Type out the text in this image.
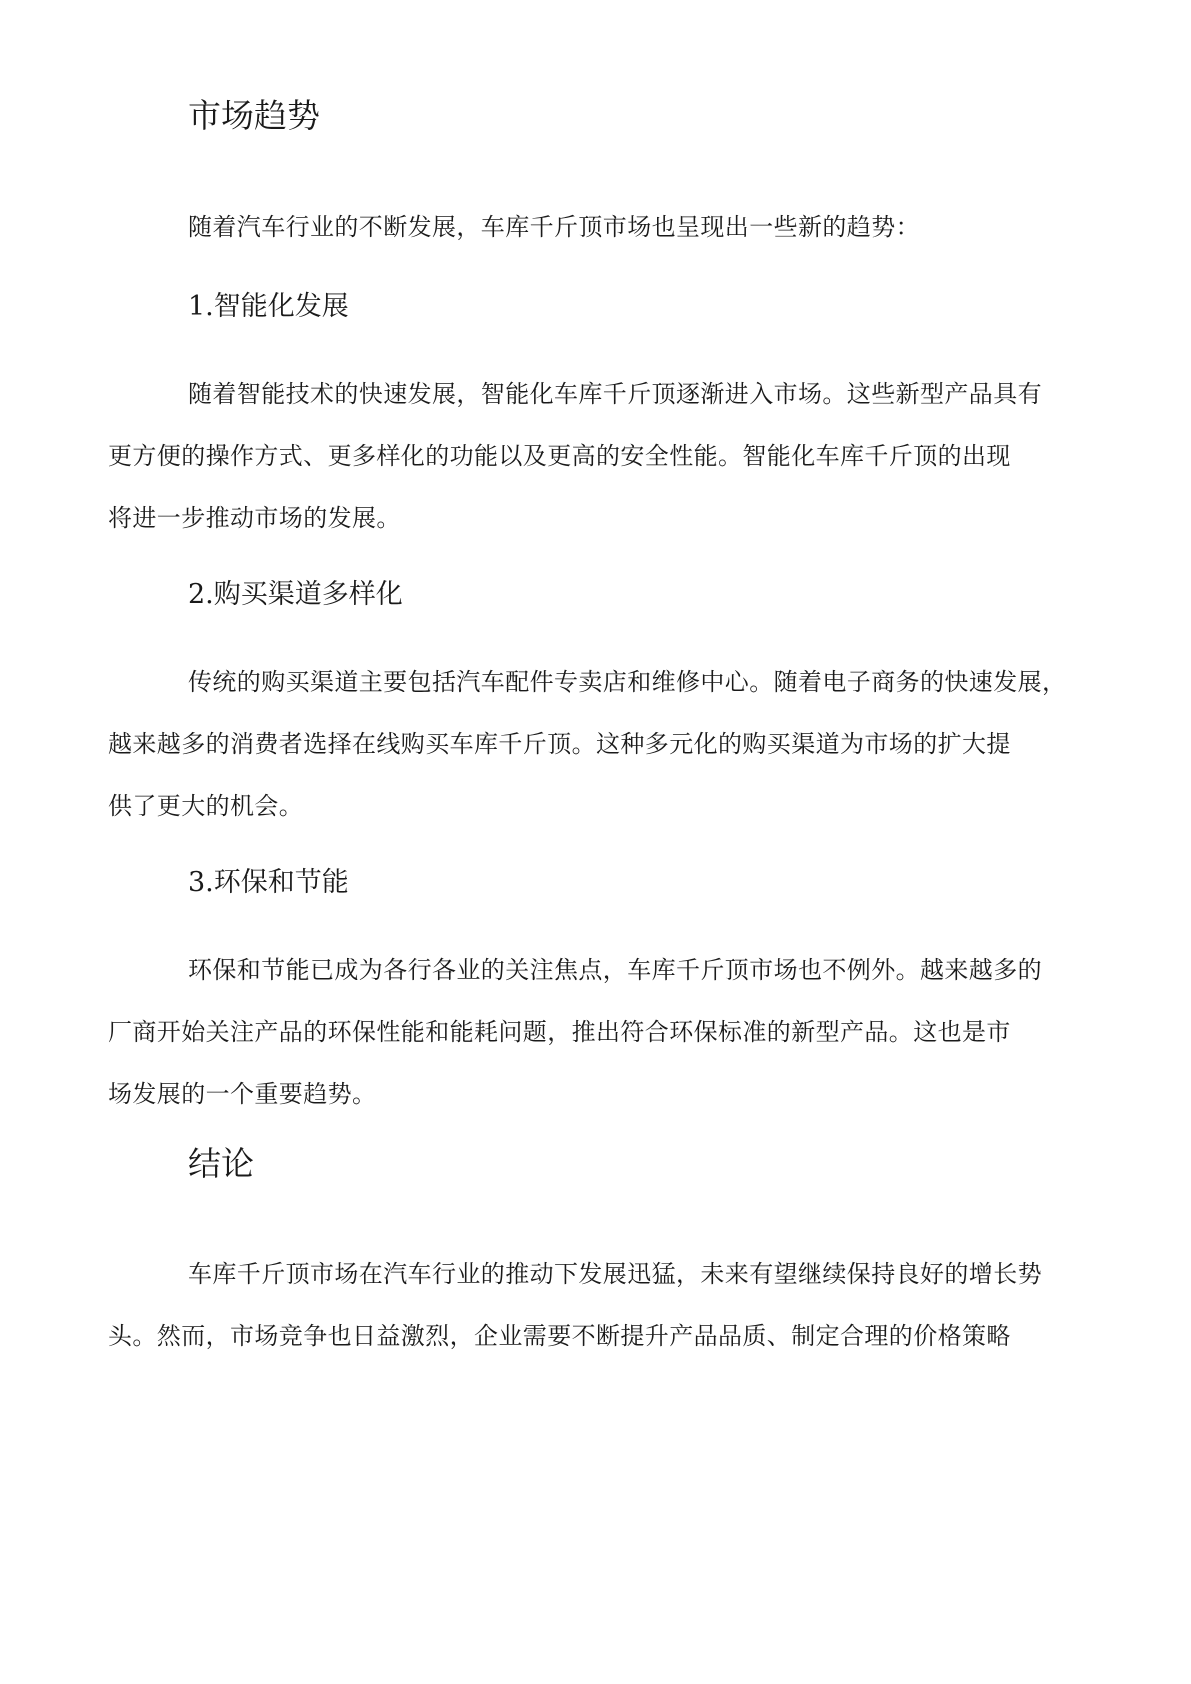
市场趋势

随着汽车行业的不断发展，车库千斤顶市场也呈现出一些新的趋势：

1.智能化发展

随着智能技术的快速发展，智能化车库千斤顶逐渐进入市场。这些新型产品具有
更方便的操作方式、更多样化的功能以及更高的安全性能。智能化车库千斤顶的出现
将进一步推动市场的发展。

2.购买渠道多样化

传统的购买渠道主要包括汽车配件专卖店和维修中心。随着电子商务的快速发展，
越来越多的消费者选择在线购买车库千斤顶。这种多元化的购买渠道为市场的扩大提
供了更大的机会。

3.环保和节能

环保和节能已成为各行各业的关注焦点，车库千斤顶市场也不例外。越来越多的
厂商开始关注产品的环保性能和能耗问题，推出符合环保标准的新型产品。这也是市
场发展的一个重要趋势。

结论

车库千斤顶市场在汽车行业的推动下发展迅猛，未来有望继续保持良好的增长势
头。然而，市场竞争也日益激烈，企业需要不断提升产品品质、制定合理的价格策略
